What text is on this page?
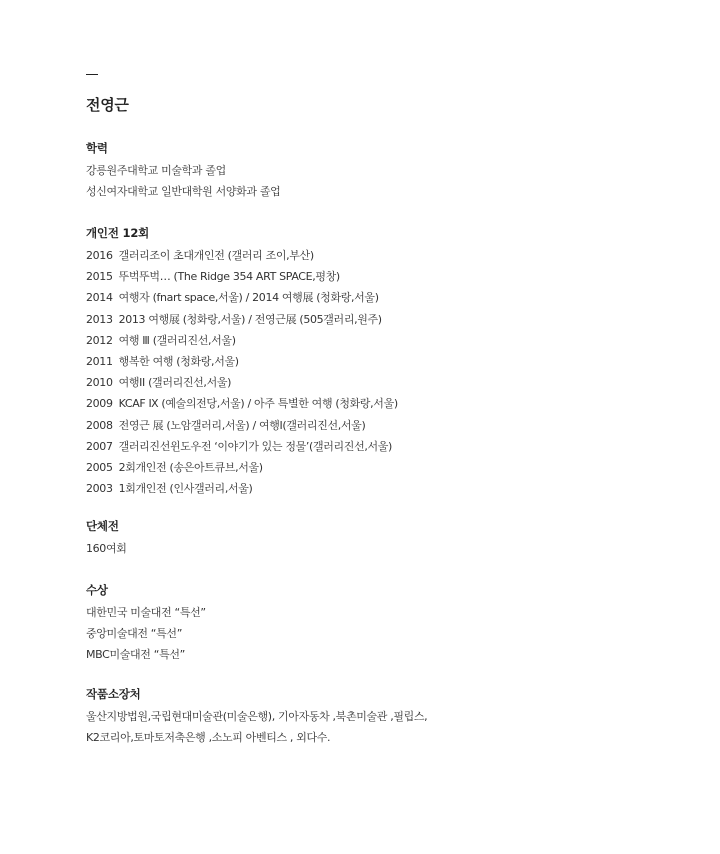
전영근
학력
강릉원주대학교 미술학과 졸업
성신여자대학교 일반대학원 서양화과 졸업
개인전 12회
2016 갤러리조이 초대개인전 (갤러리 조이,부산)
2015 뚜벅뚜벅… (The Ridge 354 ART SPACE,평창)
2014 여행자 (fnart space,서울) / 2014 여행展 (청화랑,서울)
2013 2013 여행展 (청화랑,서울) / 전영근展 (505갤러리,원주)
2012 여행 Ⅲ (갤러리진선,서울)
2011 행복한 여행 (청화랑,서울)
2010 여행ⅠⅠ (갤러리진선,서울)
2009 KCAF Ⅸ (예술의전당,서울) / 아주 특별한 여행 (청화랑,서울)
2008 전영근 展 (노암갤러리,서울) / 여행Ⅰ(갤러리진선,서울)
2007 갤러리진선윈도우전 ‘이야기가 있는 정물’(갤러리진선,서울)
2005 2회개인전 (송은아트큐브,서울)
2003 1회개인전 (인사갤러리,서울)
단체전
160여회
수상
대한민국 미술대전 “특선”
중앙미술대전 “특선”
MBC미술대전 “특선”
작품소장처
울산지방법원,국립현대미술관(미술은행), 기아자동차 ,북촌미술관 ,필립스,
K2코리아,토마토저축은행 ,소노피 아벤티스 , 외다수.
